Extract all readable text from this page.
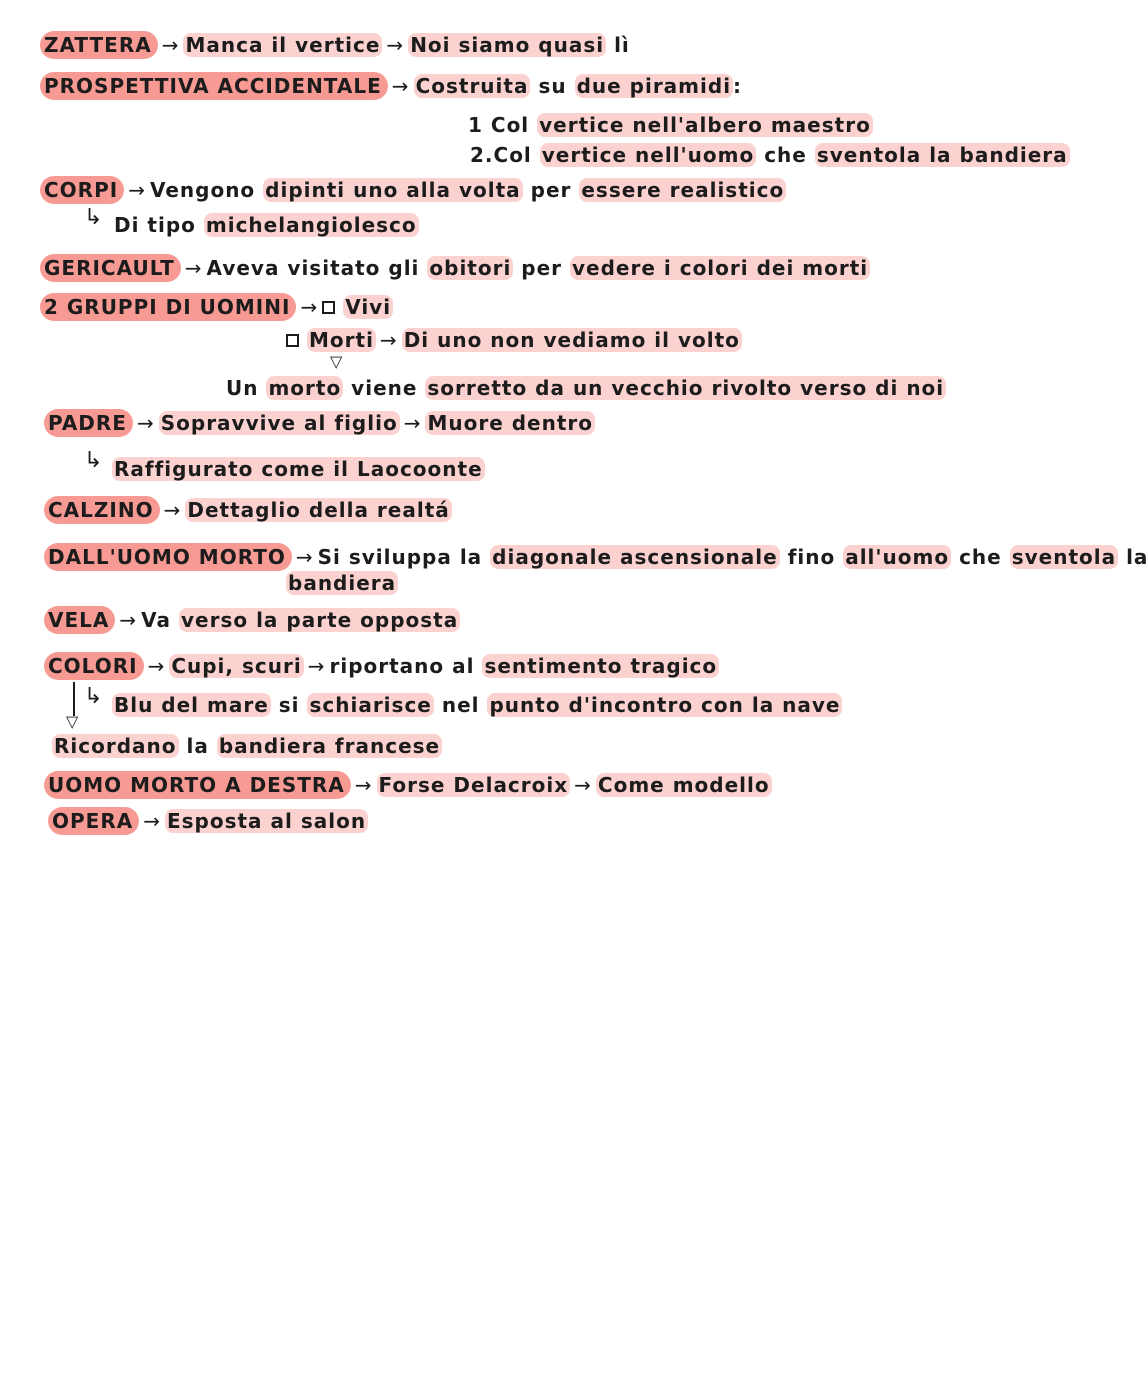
ZATTERA → Manca il vertice → Noi siamo quasi lì
PROSPETTIVA ACCIDENTALE → Costruita su due piramidi :
1 Col vertice nell'albero maestro
2.Col vertice nell'uomo che sventola la bandiera
CORPI → Vengono dipinti uno alla volta per essere realistico
↳ Di tipo michelangiolesco
GERICAULT → Aveva visitato gli obitori per vedere i colori dei morti
2 GRUPPI DI UOMINI → Vivi
Morti → Di uno non vediamo il volto
▽
Un morto viene sorretto da un vecchio rivolto verso di noi
PADRE → Sopravvive al figlio → Muore dentro
↳ Raffigurato come il Laocoonte
CALZINO → Dettaglio della realtá
DALL'UOMO MORTO → Si sviluppa la diagonale ascensionale fino all'uomo che sventola la
bandiera
VELA → Va verso la parte opposta
COLORI → Cupi, scuri → riportano al sentimento tragico
▽
↳ Blu del mare si schiarisce nel punto d'incontro con la nave
Ricordano la bandiera francese
UOMO MORTO A DESTRA → Forse Delacroix → Come modello
OPERA → Esposta al salon
